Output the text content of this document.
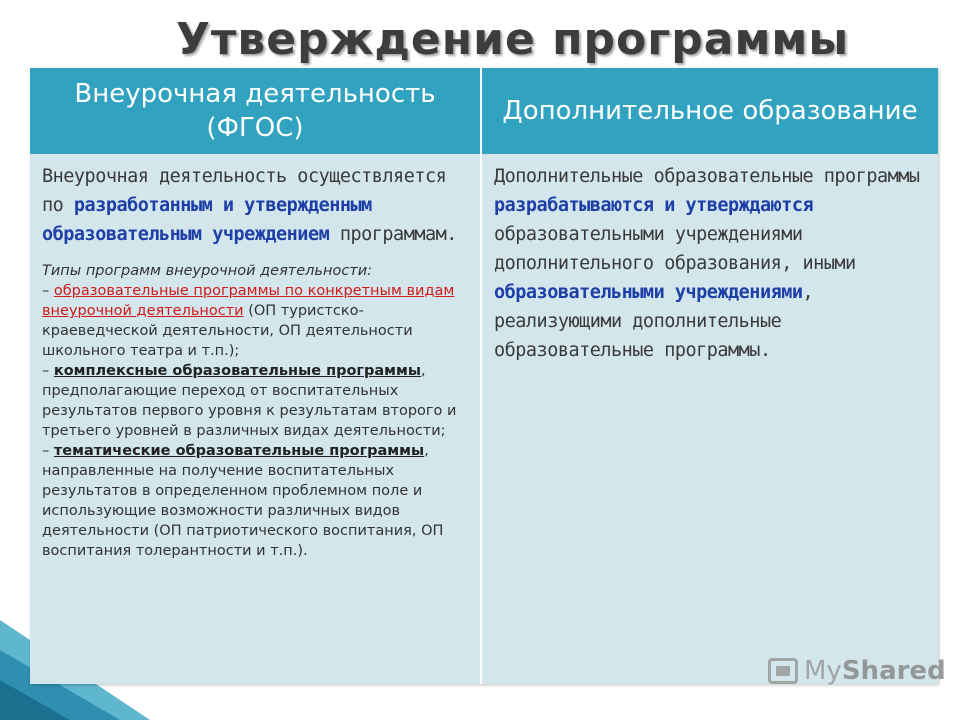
Утверждение программы
Внеурочная деятельность (ФГОС)
Дополнительное образование
Внеурочная деятельность осуществляется по разработанным и утвержденным образовательным учреждением программам.
Типы программ внеурочной деятельности:
– образовательные программы по конкретным видам внеурочной деятельности (ОП туристско-краеведческой деятельности, ОП деятельности школьного театра и т.п.);
– комплексные образовательные программы, предполагающие переход от воспитательных результатов первого уровня к результатам второго и третьего уровней в различных видах деятельности;
– тематические образовательные программы, направленные на получение воспитательных результатов в определенном проблемном поле и использующие возможности различных видов деятельности (ОП патриотического воспитания, ОП воспитания толерантности и т.п.).
Дополнительные образовательные программы разрабатываются и утверждаются образовательными учреждениями дополнительного образования, иными образовательными учреждениями, реализующими дополнительные образовательные программы.
MyShared
